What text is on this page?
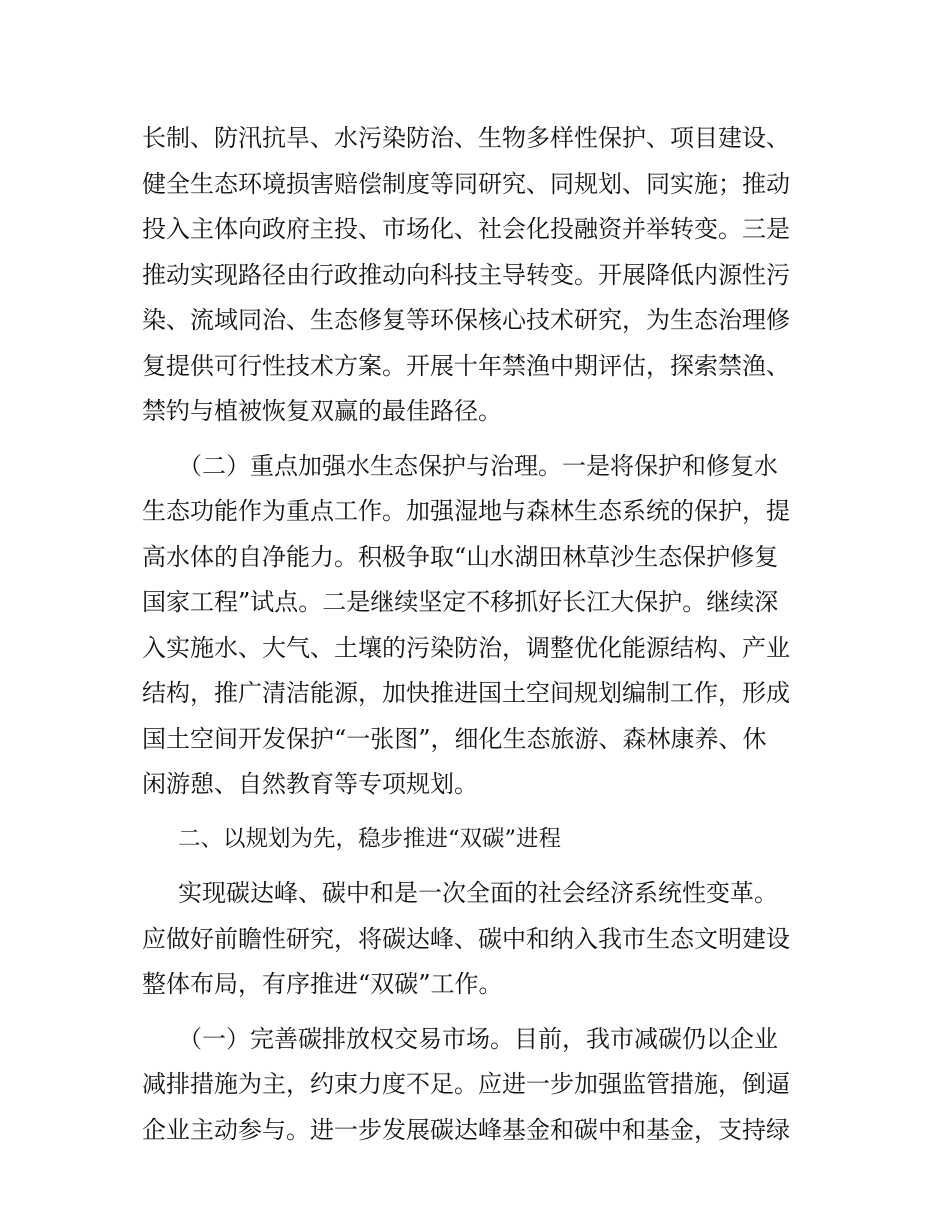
长制、防汛抗旱、水污染防治、生物多样性保护、项目建设、
健全生态环境损害赔偿制度等同研究、同规划、同实施；推动
投入主体向政府主投、市场化、社会化投融资并举转变。三是
推动实现路径由行政推动向科技主导转变。开展降低内源性污
染、流域同治、生态修复等环保核心技术研究，为生态治理修
复提供可行性技术方案。开展十年禁渔中期评估，探索禁渔、
禁钓与植被恢复双赢的最佳路径。
（二）重点加强水生态保护与治理。一是将保护和修复水
生态功能作为重点工作。加强湿地与森林生态系统的保护，提
高水体的自净能力。积极争取“山水湖田林草沙生态保护修复
国家工程”试点。二是继续坚定不移抓好长江大保护。继续深
入实施水、大气、土壤的污染防治，调整优化能源结构、产业
结构，推广清洁能源，加快推进国土空间规划编制工作，形成
国土空间开发保护“一张图”，细化生态旅游、森林康养、休
闲游憩、自然教育等专项规划。
二、以规划为先，稳步推进“双碳”进程
实现碳达峰、碳中和是一次全面的社会经济系统性变革。
应做好前瞻性研究，将碳达峰、碳中和纳入我市生态文明建设
整体布局，有序推进“双碳”工作。
（一）完善碳排放权交易市场。目前，我市减碳仍以企业
减排措施为主，约束力度不足。应进一步加强监管措施，倒逼
企业主动参与。进一步发展碳达峰基金和碳中和基金，支持绿
